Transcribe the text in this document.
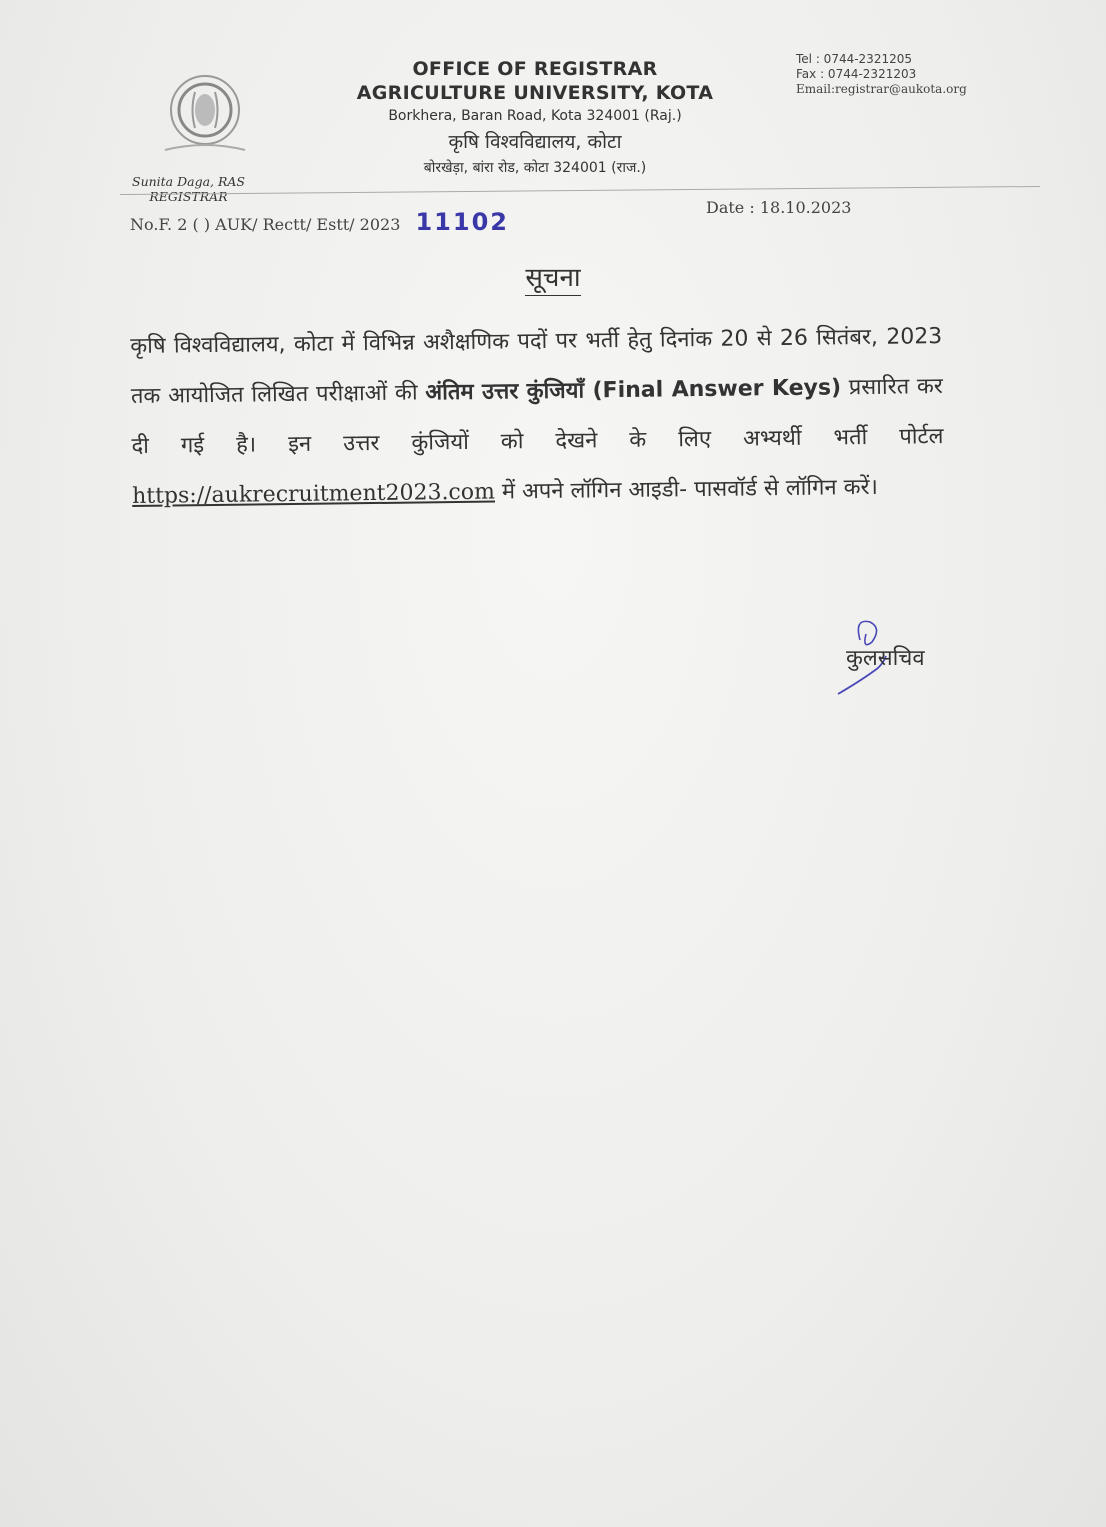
OFFICE OF REGISTRAR
AGRICULTURE UNIVERSITY, KOTA
Borkhera, Baran Road, Kota 324001 (Raj.)
कृषि विश्वविद्यालय, कोटा
बोरखेड़ा, बांरा रोड, कोटा 324001 (राज.)
Tel : 0744-2321205
Fax : 0744-2321203
Email:registrar@aukota.org
Sunita Daga, RAS
REGISTRAR
No.F. 2 ( ) AUK/ Rectt/ Estt/ 2023 11102
Date : 18.10.2023
सूचना
कृषि विश्वविद्यालय, कोटा में विभिन्न अशैक्षणिक पदों पर भर्ती हेतु दिनांक 20 से 26 सितंबर, 2023 तक आयोजित लिखित परीक्षाओं की अंतिम उत्तर कुंजियाँ (Final Answer Keys) प्रसारित कर दी गई है। इन उत्तर कुंजियों को देखने के लिए अभ्यर्थी भर्ती पोर्टल https://aukrecruitment2023.com में अपने लॉगिन आइडी- पासवॉर्ड से लॉगिन करें।
कुलसचिव
